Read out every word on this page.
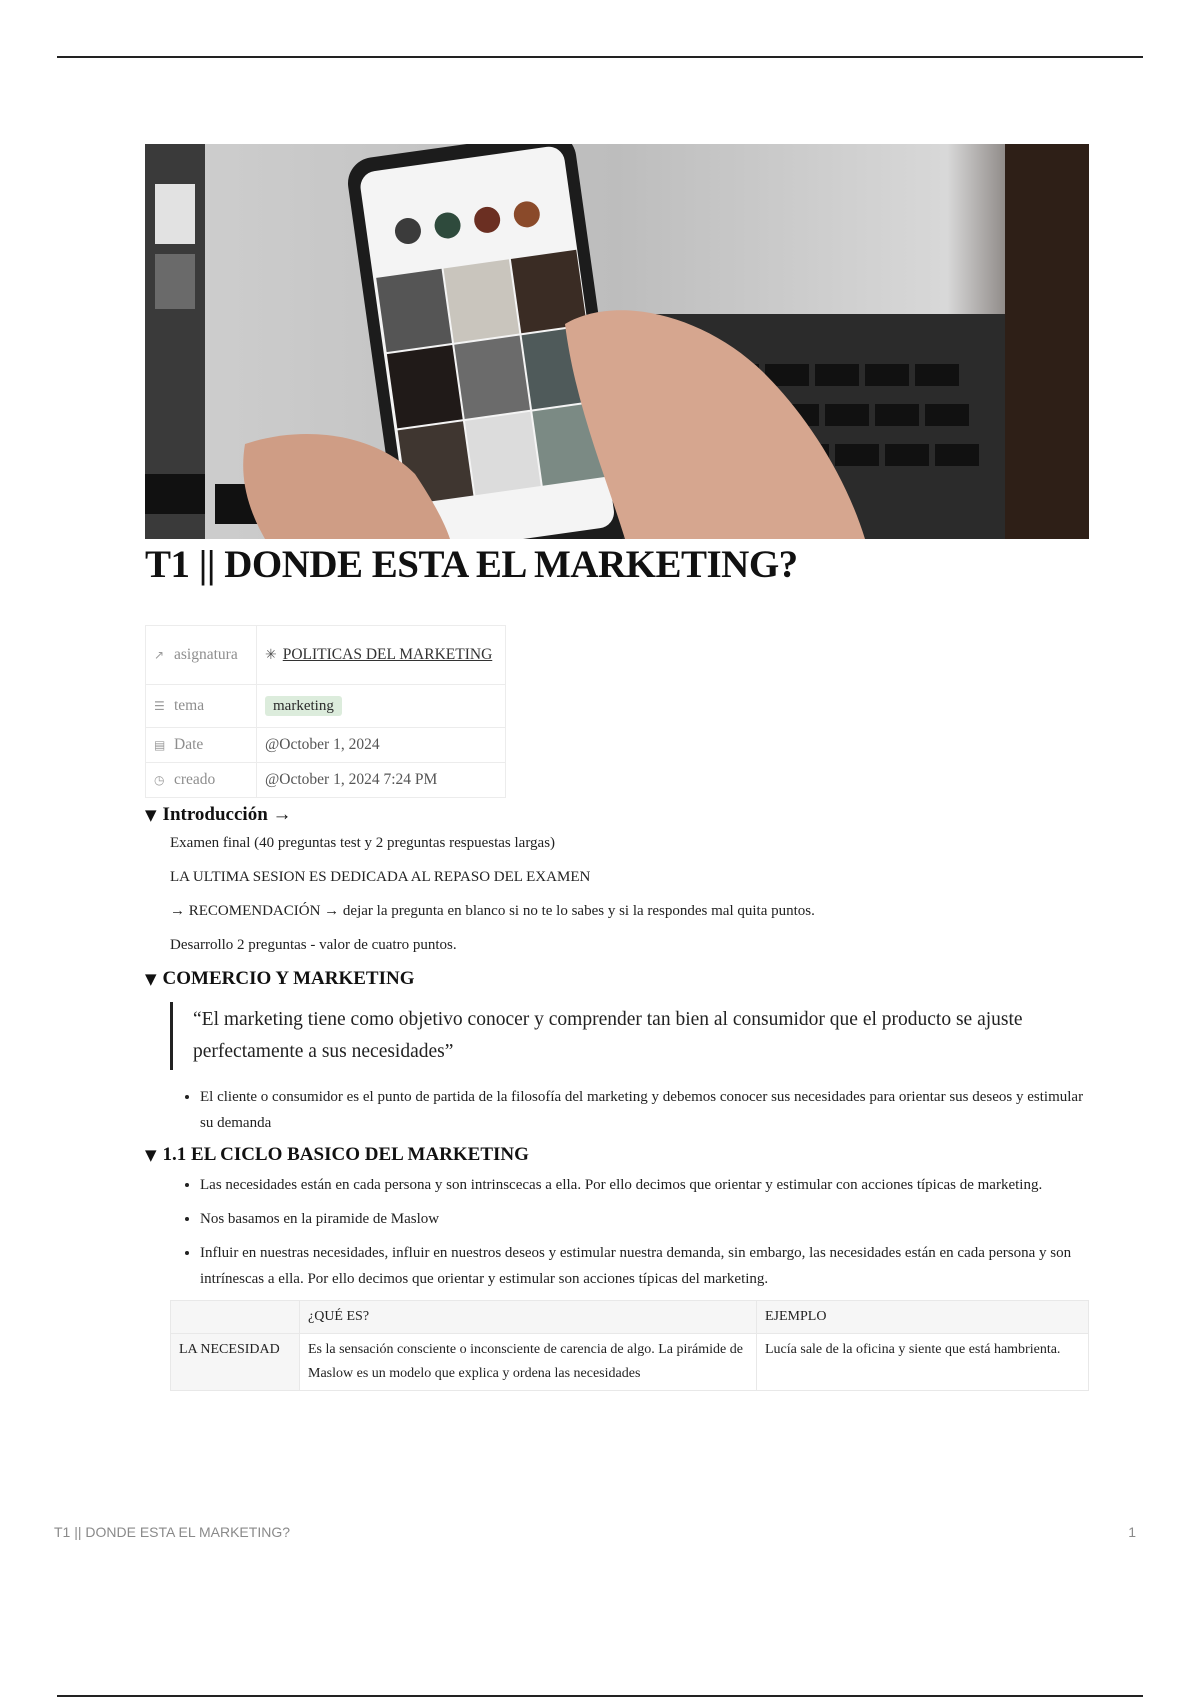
T1 || DONDE ESTA EL MARKETING?
↗ asignatura	✳ POLITICAS DEL MARKETING
☰ tema	marketing
▤ Date	@October 1, 2024
◷ creado	@October 1, 2024 7:24 PM
▼ Introducción →

Examen final (40 preguntas test y 2 preguntas respuestas largas)

LA ULTIMA SESION ES DEDICADA AL REPASO DEL EXAMEN

→ RECOMENDACIÓN → dejar la pregunta en blanco si no te lo sabes y si la respondes mal quita puntos.

Desarrollo 2 preguntas - valor de cuatro puntos.

▼ COMERCIO Y MARKETING
“El marketing tiene como objetivo conocer y comprender tan bien al consumidor que el producto se ajuste perfectamente a sus necesidades”
• El cliente o consumidor es el punto de partida de la filosofía del marketing y debemos conocer sus necesidades para orientar sus deseos y estimular su demanda
▼ 1.1 EL CICLO BASICO DEL MARKETING
• Las necesidades están en cada persona y son intrinscecas a ella. Por ello decimos que orientar y estimular con acciones típicas de marketing.
• Nos basamos en la piramide de Maslow
• Influir en nuestras necesidades, influir en nuestros deseos y estimular nuestra demanda, sin embargo, las necesidades están en cada persona y son intrínescas a ella. Por ello decimos que orientar y estimular son acciones típicas del marketing.
	¿QUÉ ES?	EJEMPLO
LA NECESIDAD	Es la sensación consciente o inconsciente de carencia de algo. La pirámide de Maslow es un modelo que explica y ordena las necesidades	Lucía sale de la oficina y siente que está hambrienta.
T1 || DONDE ESTA EL MARKETING?	1
